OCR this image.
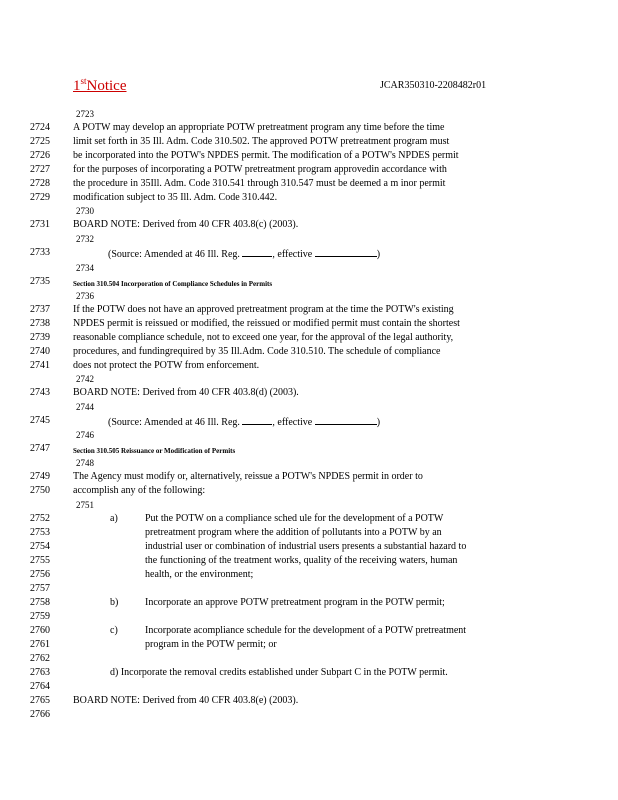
1stNotice	JCAR350310-2208482r01
2723
2724	A POTW may develop an appropriate POTW pretreatment program any time before the time
2725	limit set forth in 35 Ill. Adm. Code 310.502. The approved POTW pretreatment program must
2726	be incorporated into the POTW's NPDES permit. The modification of a POTW's NPDES permit
2727	for the purposes of incorporating a POTW pretreatment program approvedin accordance with
2728	the procedure in 35Ill. Adm. Code 310.541 through 310.547 must be deemed a m inor permit
2729	modification subject to 35 Ill. Adm. Code 310.442.
2730
2731	BOARD NOTE: Derived from 40 CFR 403.8(c) (2003).
2732
2733	(Source: Amended at 46 Ill. Reg.	, effective	)
2734
2735	Section 310.504 Incorporation of Compliance Schedules in Permits
2736
2737	If the POTW does not have an approved pretreatment program at the time the POTW's existing
2738	NPDES permit is reissued or modified, the reissued or modified permit must contain the shortest
2739	reasonable compliance schedule, not to exceed one year, for the approval of the legal authority,
2740	procedures, and fundingrequired by 35 Ill.Adm. Code 310.510. The schedule of compliance
2741	does not protect the POTW from enforcement.
2742
2743	BOARD NOTE: Derived from 40 CFR 403.8(d) (2003).
2744
2745	(Source: Amended at 46 Ill. Reg.	, effective	)
2746
2747	Section 310.505 Reissuance or Modification of Permits
2748
2749	The Agency must modify or, alternatively, reissue a POTW's NPDES permit in order to
2750	accomplish any of the following:
2751
2752	a)	Put the POTW on a compliance sched ule for the development of a POTW
2753	pretreatment program where the addition of pollutants into a POTW by an
2754	industrial user or combination of industrial users presents a substantial hazard to
2755	the functioning of the treatment works, quality of the receiving waters, human
2756	health, or the environment;
2757
2758	b)	Incorporate an approve POTW pretreatment program in the POTW permit;
2759
2760	c)	Incorporate acompliance schedule for the development of a POTW pretreatment
2761	program in the POTW permit; or
2762
2763	d) Incorporate the removal credits established under Subpart C in the POTW permit.
2764
2765	BOARD NOTE: Derived from 40 CFR 403.8(e) (2003).
2766
